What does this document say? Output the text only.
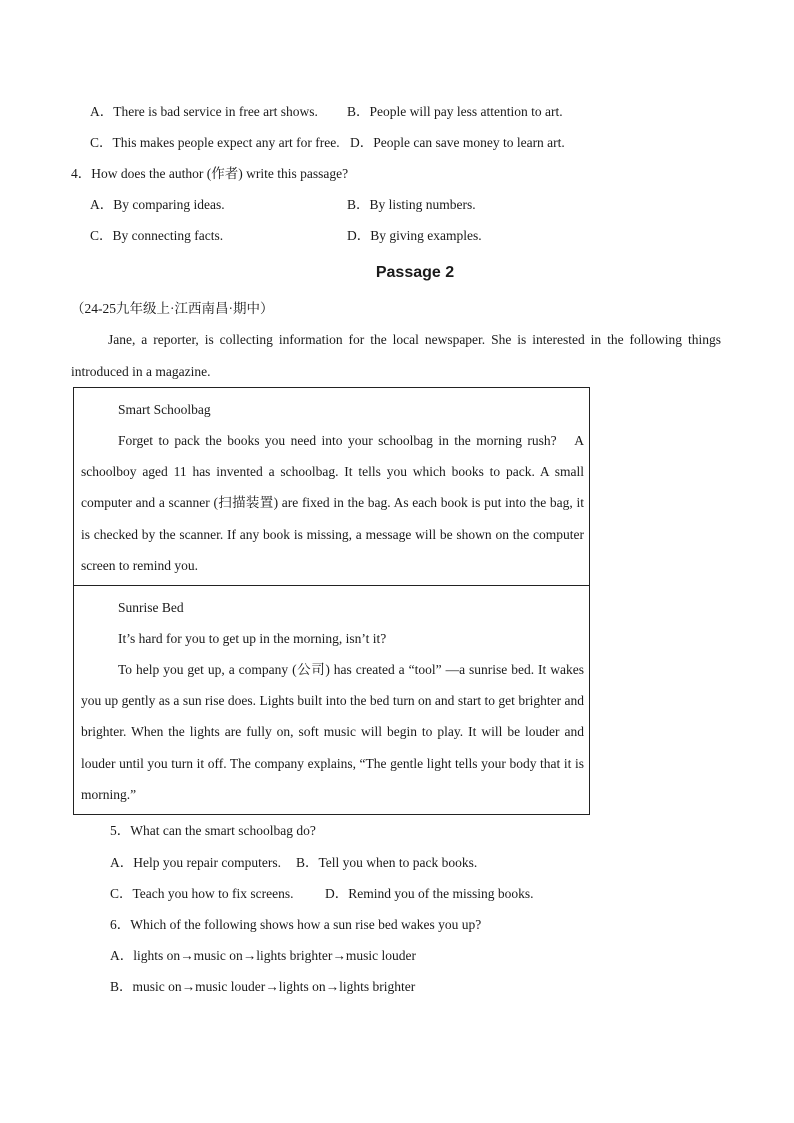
A．There is bad service in free art shows. B．People will pay less attention to art.
C．This makes people expect any art for free. D．People can save money to learn art.
4．How does the author (作者) write this passage?
A．By comparing ideas.	B．By listing numbers.
C．By connecting facts.	D．By giving examples.
Passage 2
（24-25九年级上·江西南昌·期中）
Jane, a reporter, is collecting information for the local newspaper. She is interested in the following things introduced in a magazine.
Smart Schoolbag
Forget to pack the books you need into your schoolbag in the morning rush?　A schoolboy aged 11 has invented a schoolbag. It tells you which books to pack. A small computer and a scanner (扫描装置) are fixed in the bag. As each book is put into the bag, it is checked by the scanner. If any book is missing, a message will be shown on the computer screen to remind you.
Sunrise Bed
It’s hard for you to get up in the morning, isn’t it?
To help you get up, a company (公司) has created a “tool” —a sunrise bed. It wakes you up gently as a sun rise does. Lights built into the bed turn on and start to get brighter and brighter. When the lights are fully on, soft music will begin to play. It will be louder and louder until you turn it off. The company explains, “The gentle light tells your body that it is morning.”
5．What can the smart schoolbag do?
A．Help you repair computers. B．Tell you when to pack books.
C．Teach you how to fix screens. D．Remind you of the missing books.
6．Which of the following shows how a sun rise bed wakes you up?
A．lights on→music on→lights brighter→music louder
B．music on→music louder→lights on→lights brighter
